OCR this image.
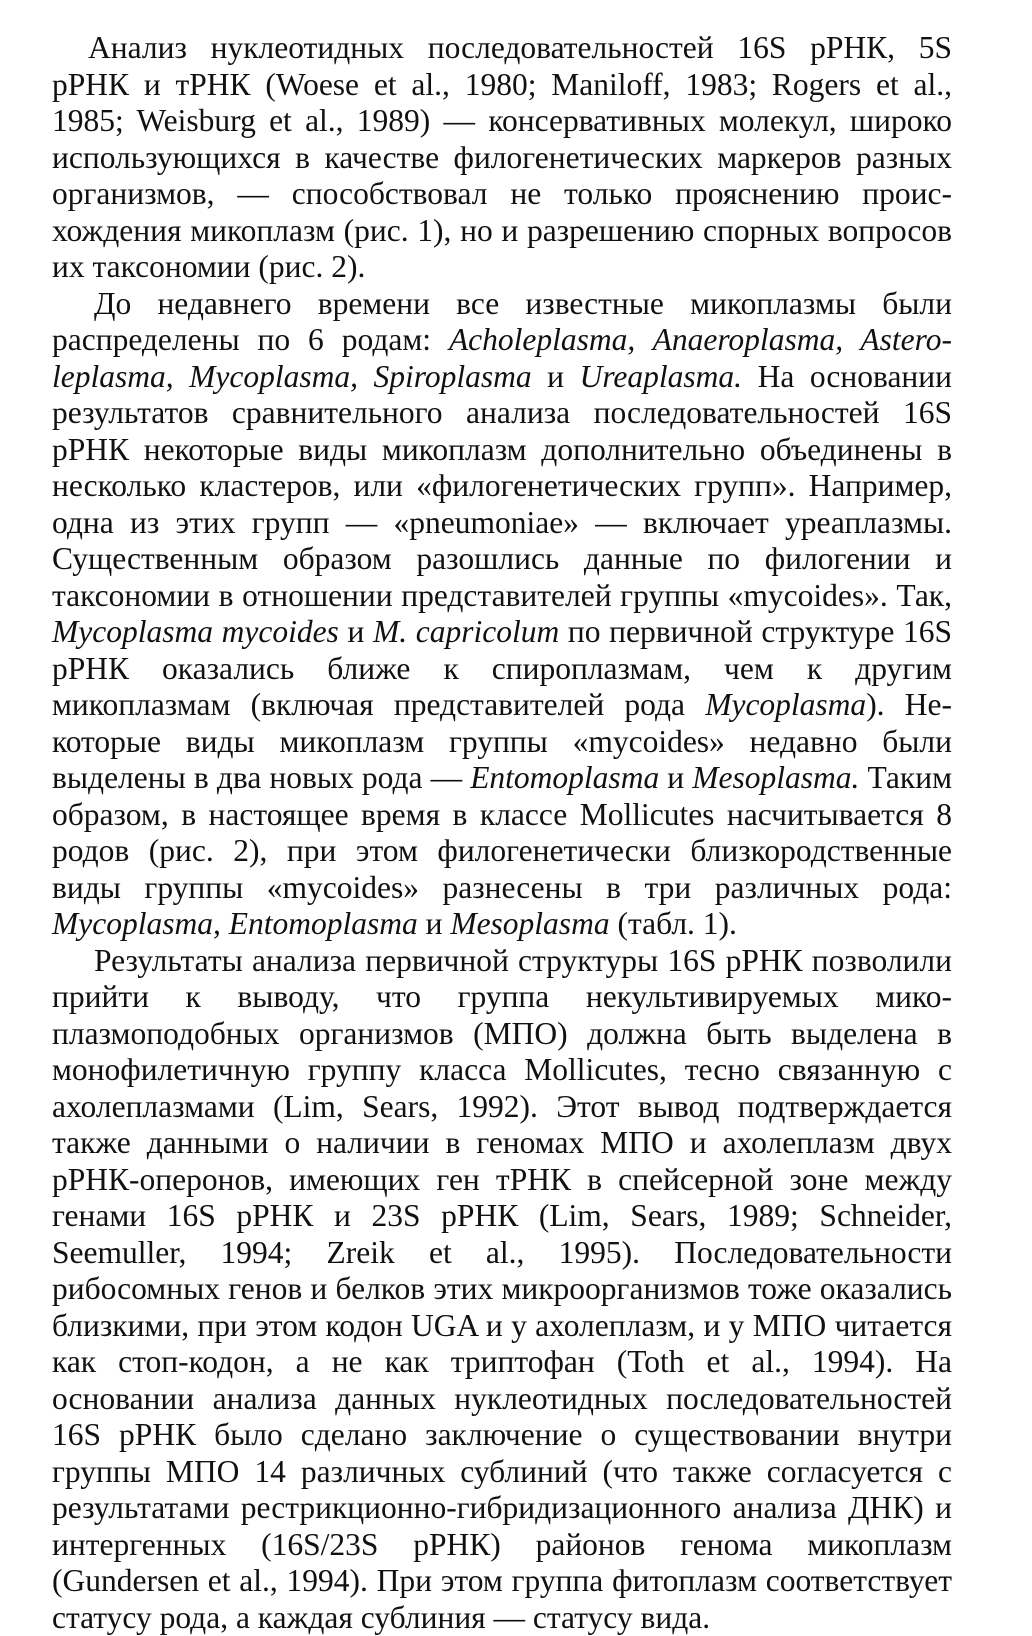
Анализ нуклеотидных последовательностей 16S рРНК, 5S рРНК и тРНК (Woese et al., 1980; Maniloff, 1983; Rogers et al., 1985; Weisburg et al., 1989) — консервативных молекул, широко использующихся в качестве филогенетических маркеров разных организмов, — способствовал не только прояснению происхождения микоплазм (рис. 1), но и разрешению спорных вопросов их таксономии (рис. 2).

До недавнего времени все известные микоплазмы были распределены по 6 родам: Acholeplasma, Anaeroplasma, Asteroleplasma, Mycoplasma, Spiroplasma и Ureaplasma. На основании результатов сравнительного анализа последовательностей 16S рРНК некоторые виды микоплазм дополнительно объединены в несколько кластеров, или «филогенетических групп». Например, одна из этих групп — «pneumoniae» — включает уреаплазмы. Существенным образом разошлись данные по филогении и таксономии в отношении представителей группы «mycoides». Так, Mycoplasma mycoides и M. capricolum по первичной структуре 16S рРНК оказались ближе к спироплазмам, чем к другим микоплазмам (включая представителей рода Mycoplasma). Некоторые виды микоплазм группы «mycoides» недавно были выделены в два новых рода — Entomoplasma и Mesoplasma. Таким образом, в настоящее время в классе Mollicutes насчитывается 8 родов (рис. 2), при этом филогенетически близкородственные виды группы «mycoides» разнесены в три различных рода: Mycoplasma, Entomoplasma и Mesoplasma (табл. 1).

Результаты анализа первичной структуры 16S рРНК позволили прийти к выводу, что группа некультивируемых микоплазмоподобных организмов (МПО) должна быть выделена в монофилетичную группу класса Mollicutes, тесно связанную с ахолеплазмами (Lim, Sears, 1992). Этот вывод подтверждается также данными о наличии в геномах МПО и ахолеплазм двух рРНК-оперонов, имеющих ген тРНК в спейсерной зоне между генами 16S рРНК и 23S рРНК (Lim, Sears, 1989; Schneider, Seemuller, 1994; Zreik et al., 1995). Последовательности рибосомных генов и белков этих микроорганизмов тоже оказались близкими, при этом кодон UGA и у ахолеплазм, и у МПО читается как стоп-кодон, а не как триптофан (Toth et al., 1994). На основании анализа данных нуклеотидных последовательностей 16S рРНК было сделано заключение о существовании внутри группы МПО 14 различных сублиний (что также согласуется с результатами рестрикционно-гибридизационного анализа ДНК) и интергенных (16S/23S рРНК) районов генома микоплазм (Gundersen et al., 1994). При этом группа фитоплазм соответствует статусу рода, а каждая сублиния — статусу вида.
